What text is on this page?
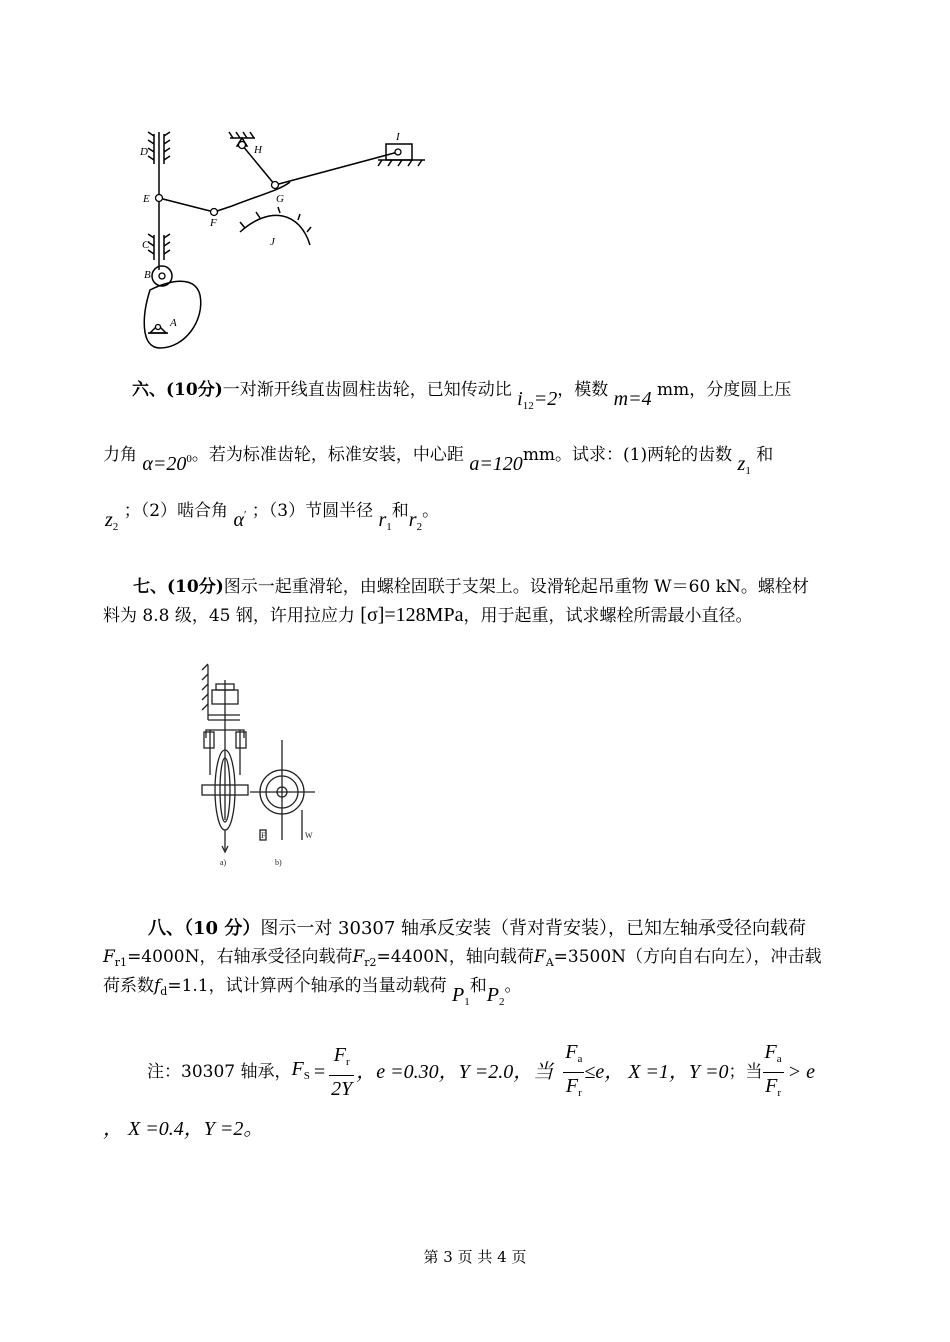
D
E
C
B
A
F
G
H
I
J
六、(10分)一对渐开线直齿圆柱齿轮，已知传动比 $i_{12}=2$，模数 m=4 mm，分度圆上压
力角 $\alpha=20^0$。若为标准齿轮，标准安装，中心距 a=120mm。试求：(1)两轮的齿数 $z_1$ 和
$z_2$ ；（2）啮合角 α′ ；（3）节圆半径 $r_1$和$r_2$。
七、(10分)图示一起重滑轮，由螺栓固联于支架上。设滑轮起吊重物 W＝60 kN。螺栓材
料为 8.8 级，45 钢，许用拉应力 [σ]=128MPa，用于起重，试求螺栓所需最小直径。
a)	b)
F	W
八、（10 分）图示一对 30307 轴承反安装（背对背安装），已知左轴承受径向载荷
$F_{r1}=4000N$，右轴承受径向载荷$F_{r2}=4400N$，轴向载荷$F_A=3500N$（方向自右向左），冲击载
荷系数$f_d=1.1$，试计算两个轴承的当量动载荷 $P_1$和$P_2$。
注：30307 轴承， $F_S = \frac{F_r}{2Y}$ ，e =0.30，Y =2.0，当 $\frac{F_a}{F_r} \le e$， X =1，Y =0 ；当 $\frac{F_a}{F_r} > e$
， X =0.4，Y =2。
第 3 页 共 4 页
